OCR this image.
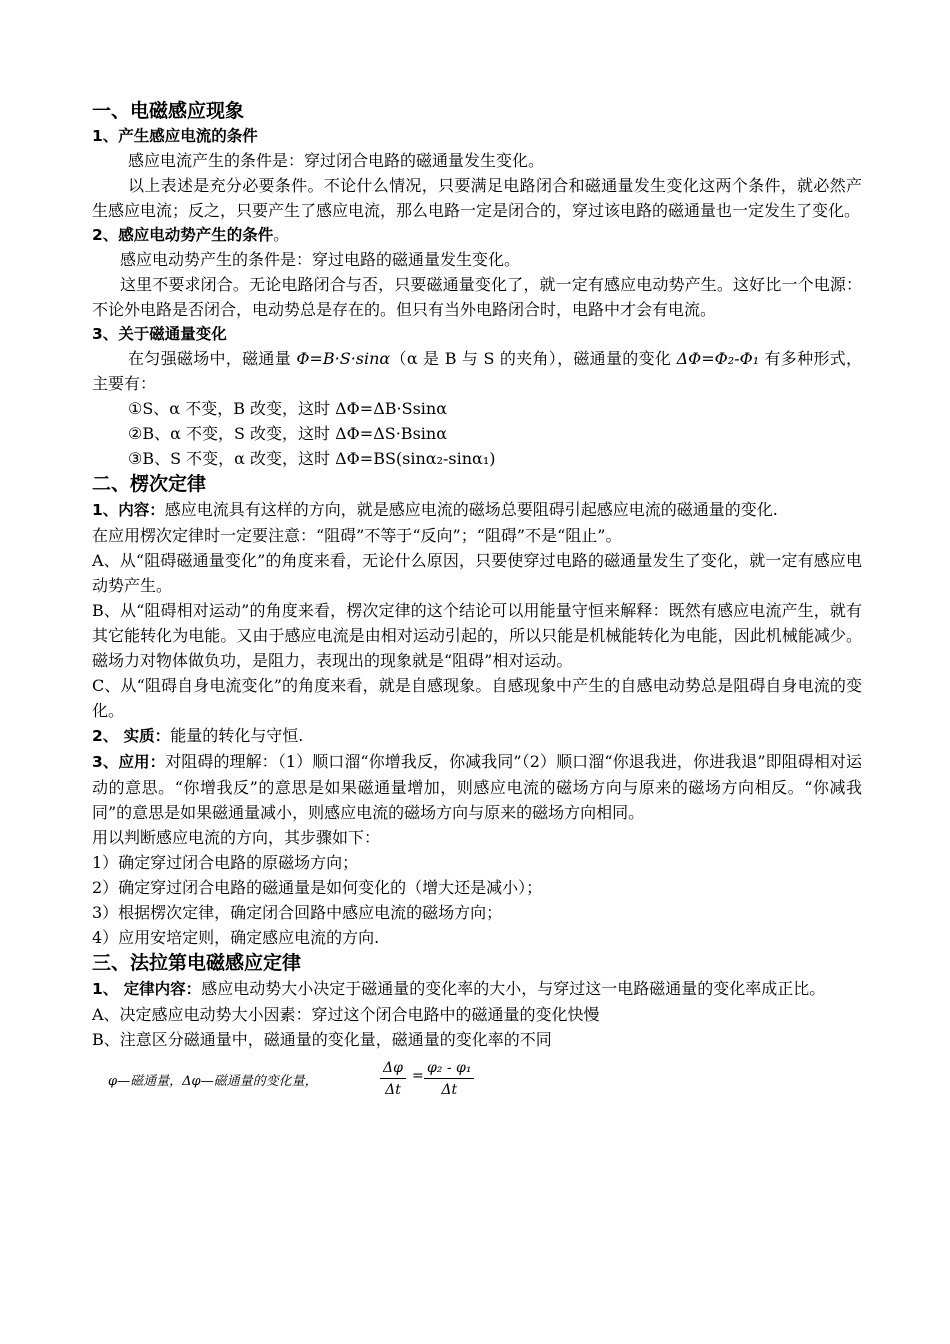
一、电磁感应现象
1、产生感应电流的条件

感应电流产生的条件是：穿过闭合电路的磁通量发生变化。

以上表述是充分必要条件。不论什么情况，只要满足电路闭合和磁通量发生变化这两个条件，就必然产生感应电流；反之，只要产生了感应电流，那么电路一定是闭合的，穿过该电路的磁通量也一定发生了变化。

2、感应电动势产生的条件。

感应电动势产生的条件是：穿过电路的磁通量发生变化。

这里不要求闭合。无论电路闭合与否，只要磁通量变化了，就一定有感应电动势产生。这好比一个电源：不论外电路是否闭合，电动势总是存在的。但只有当外电路闭合时，电路中才会有电流。

3、关于磁通量变化

在匀强磁场中，磁通量 Φ=B·S·sinα（α 是 B 与 S 的夹角），磁通量的变化 ΔΦ=Φ₂-Φ₁ 有多种形式，主要有：

①S、α 不变，B 改变，这时 ΔΦ=ΔB·Ssinα

②B、α 不变，S 改变，这时 ΔΦ=ΔS·Bsinα

③B、S 不变，α 改变，这时 ΔΦ=BS(sinα₂-sinα₁)

二、楞次定律

1、内容：感应电流具有这样的方向，就是感应电流的磁场总要阻碍引起感应电流的磁通量的变化.

在应用楞次定律时一定要注意：“阻碍”不等于“反向”；“阻碍”不是“阻止”。

A、从“阻碍磁通量变化”的角度来看，无论什么原因，只要使穿过电路的磁通量发生了变化，就一定有感应电动势产生。

B、从“阻碍相对运动”的角度来看，楞次定律的这个结论可以用能量守恒来解释：既然有感应电流产生，就有其它能转化为电能。又由于感应电流是由相对运动引起的，所以只能是机械能转化为电能，因此机械能减少。磁场力对物体做负功，是阻力，表现出的现象就是“阻碍”相对运动。

C、从“阻碍自身电流变化”的角度来看，就是自感现象。自感现象中产生的自感电动势总是阻碍自身电流的变化。

2、 实质：能量的转化与守恒.

3、应用：对阻碍的理解：（1）顺口溜“你增我反，你减我同”（2）顺口溜“你退我进，你进我退”即阻碍相对运动的意思。“你增我反”的意思是如果磁通量增加，则感应电流的磁场方向与原来的磁场方向相反。“你减我同”的意思是如果磁通量减小，则感应电流的磁场方向与原来的磁场方向相同。

用以判断感应电流的方向，其步骤如下：

1）确定穿过闭合电路的原磁场方向；

2）确定穿过闭合电路的磁通量是如何变化的（增大还是减小）；

3）根据楞次定律，确定闭合回路中感应电流的磁场方向；

4）应用安培定则，确定感应电流的方向.

三、法拉第电磁感应定律

1、 定律内容：感应电动势大小决定于磁通量的变化率的大小，与穿过这一电路磁通量的变化率成正比。

A、决定感应电动势大小因素：穿过这个闭合电路中的磁通量的变化快慢

B、注意区分磁通量中，磁通量的变化量，磁通量的变化率的不同

φ—磁通量，Δφ—磁通量的变化量，	$\frac{\Delta\varphi}{\Delta t} = \frac{\text{φ₂ - φ₁}}{\Delta t}$
